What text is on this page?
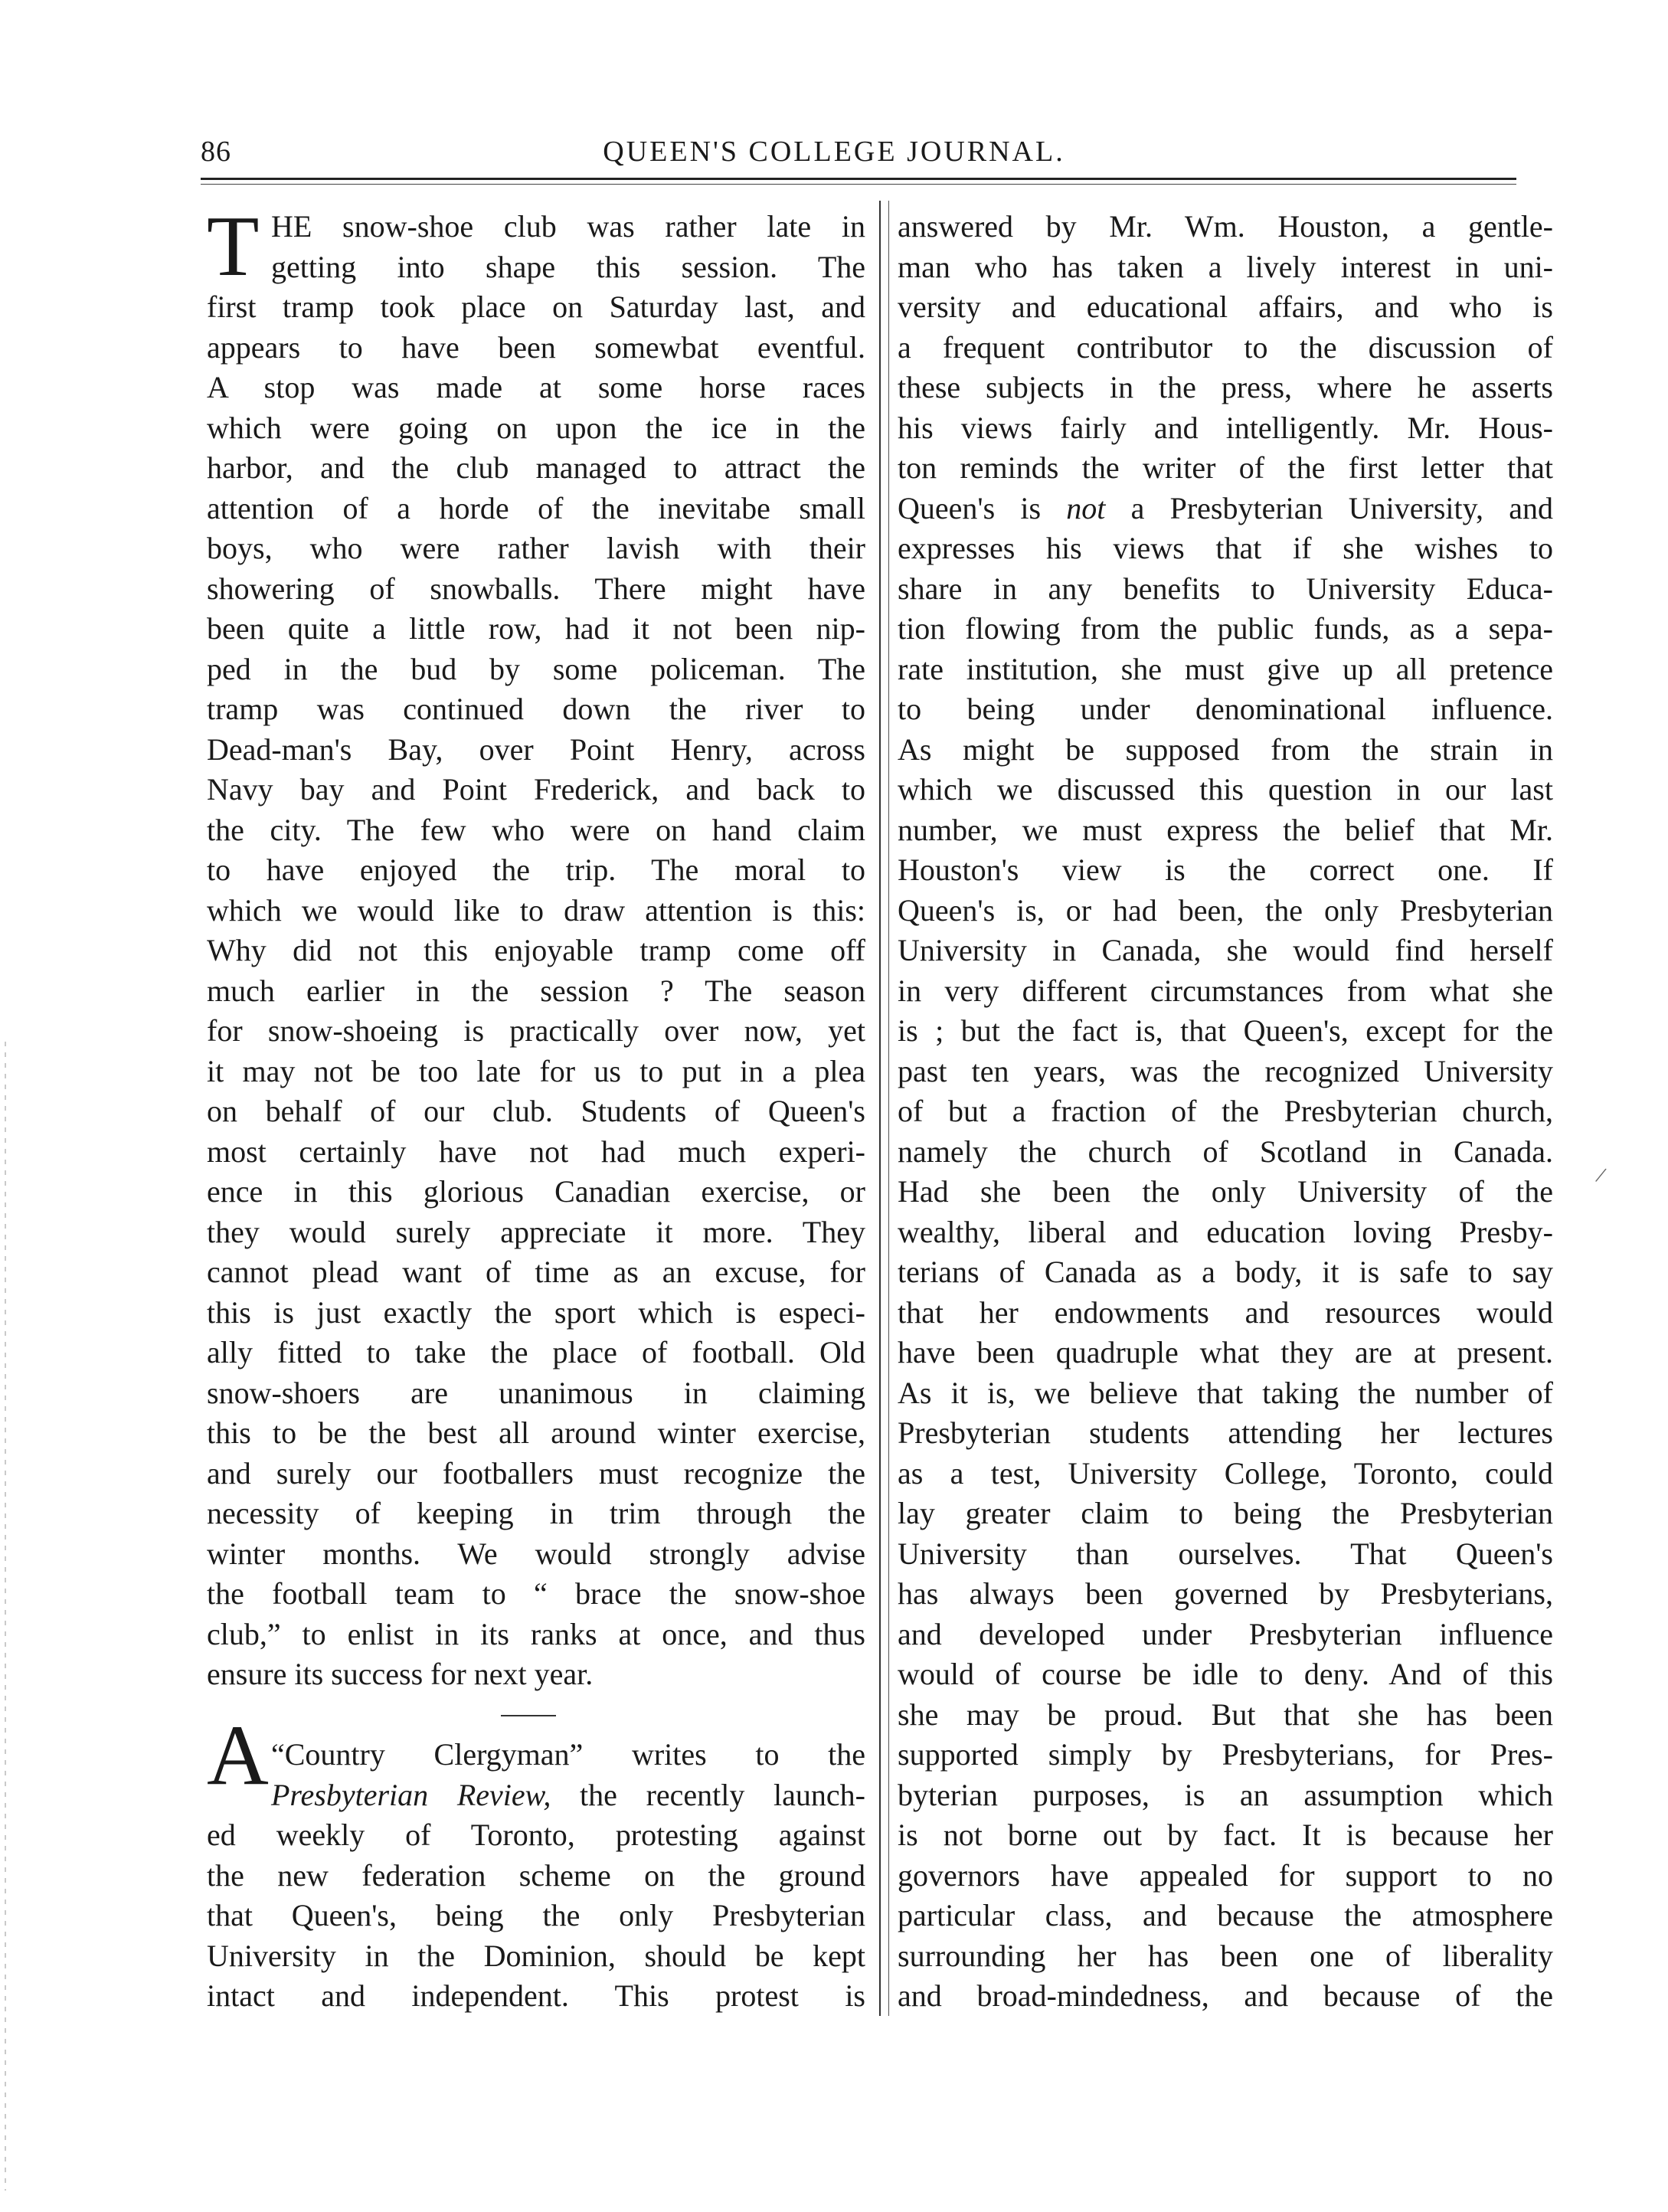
86	QUEEN'S COLLEGE JOURNAL.
/
T HE snow-shoe club was rather late in
getting into shape this session. The
first tramp took place on Saturday last, and
appears to have been somewbat eventful.
A stop was made at some horse races
which were going on upon the ice in the
harbor, and the club managed to attract the
attention of a horde of the inevitabe small
boys, who were rather lavish with their
showering of snowballs. There might have
been quite a little row, had it not been nip-
ped in the bud by some policeman. The
tramp was continued down the river to
Dead-man's Bay, over Point Henry, across
Navy bay and Point Frederick, and back to
the city. The few who were on hand claim
to have enjoyed the trip. The moral to
which we would like to draw attention is this:
Why did not this enjoyable tramp come off
much earlier in the session ? The season
for snow-shoeing is practically over now, yet
it may not be too late for us to put in a plea
on behalf of our club. Students of Queen's
most certainly have not had much experi-
ence in this glorious Canadian exercise, or
they would surely appreciate it more. They
cannot plead want of time as an excuse, for
this is just exactly the sport which is especi-
ally fitted to take the place of football. Old
snow-shoers are unanimous in claiming
this to be the best all around winter exercise,
and surely our footballers must recognize the
necessity of keeping in trim through the
winter months. We would strongly advise
the football team to “ brace the snow-shoe
club,” to enlist in its ranks at once, and thus
ensure its success for next year.
A “Country Clergyman” writes to the
Presbyterian Review, the recently launch-
ed weekly of Toronto, protesting against
the new federation scheme on the ground
that Queen's, being the only Presbyterian
University in the Dominion, should be kept
intact and independent. This protest is
answered by Mr. Wm. Houston, a gentle-
man who has taken a lively interest in uni-
versity and educational affairs, and who is
a frequent contributor to the discussion of
these subjects in the press, where he asserts
his views fairly and intelligently. Mr. Hous-
ton reminds the writer of the first letter that
Queen's is not a Presbyterian University, and
expresses his views that if she wishes to
share in any benefits to University Educa-
tion flowing from the public funds, as a sepa-
rate institution, she must give up all pretence
to being under denominational influence.
As might be supposed from the strain in
which we discussed this question in our last
number, we must express the belief that Mr.
Houston's view is the correct one. If
Queen's is, or had been, the only Presbyterian
University in Canada, she would find herself
in very different circumstances from what she
is ; but the fact is, that Queen's, except for the
past ten years, was the recognized University
of but a fraction of the Presbyterian church,
namely the church of Scotland in Canada.
Had she been the only University of the
wealthy, liberal and education loving Presby-
terians of Canada as a body, it is safe to say
that her endowments and resources would
have been quadruple what they are at present.
As it is, we believe that taking the number of
Presbyterian students attending her lectures
as a test, University College, Toronto, could
lay greater claim to being the Presbyterian
University than ourselves. That Queen's
has always been governed by Presbyterians,
and developed under Presbyterian influence
would of course be idle to deny. And of this
she may be proud. But that she has been
supported simply by Presbyterians, for Pres-
byterian purposes, is an assumption which
is not borne out by fact. It is because her
governors have appealed for support to no
particular class, and because the atmosphere
surrounding her has been one of liberality
and broad-mindedness, and because of the
